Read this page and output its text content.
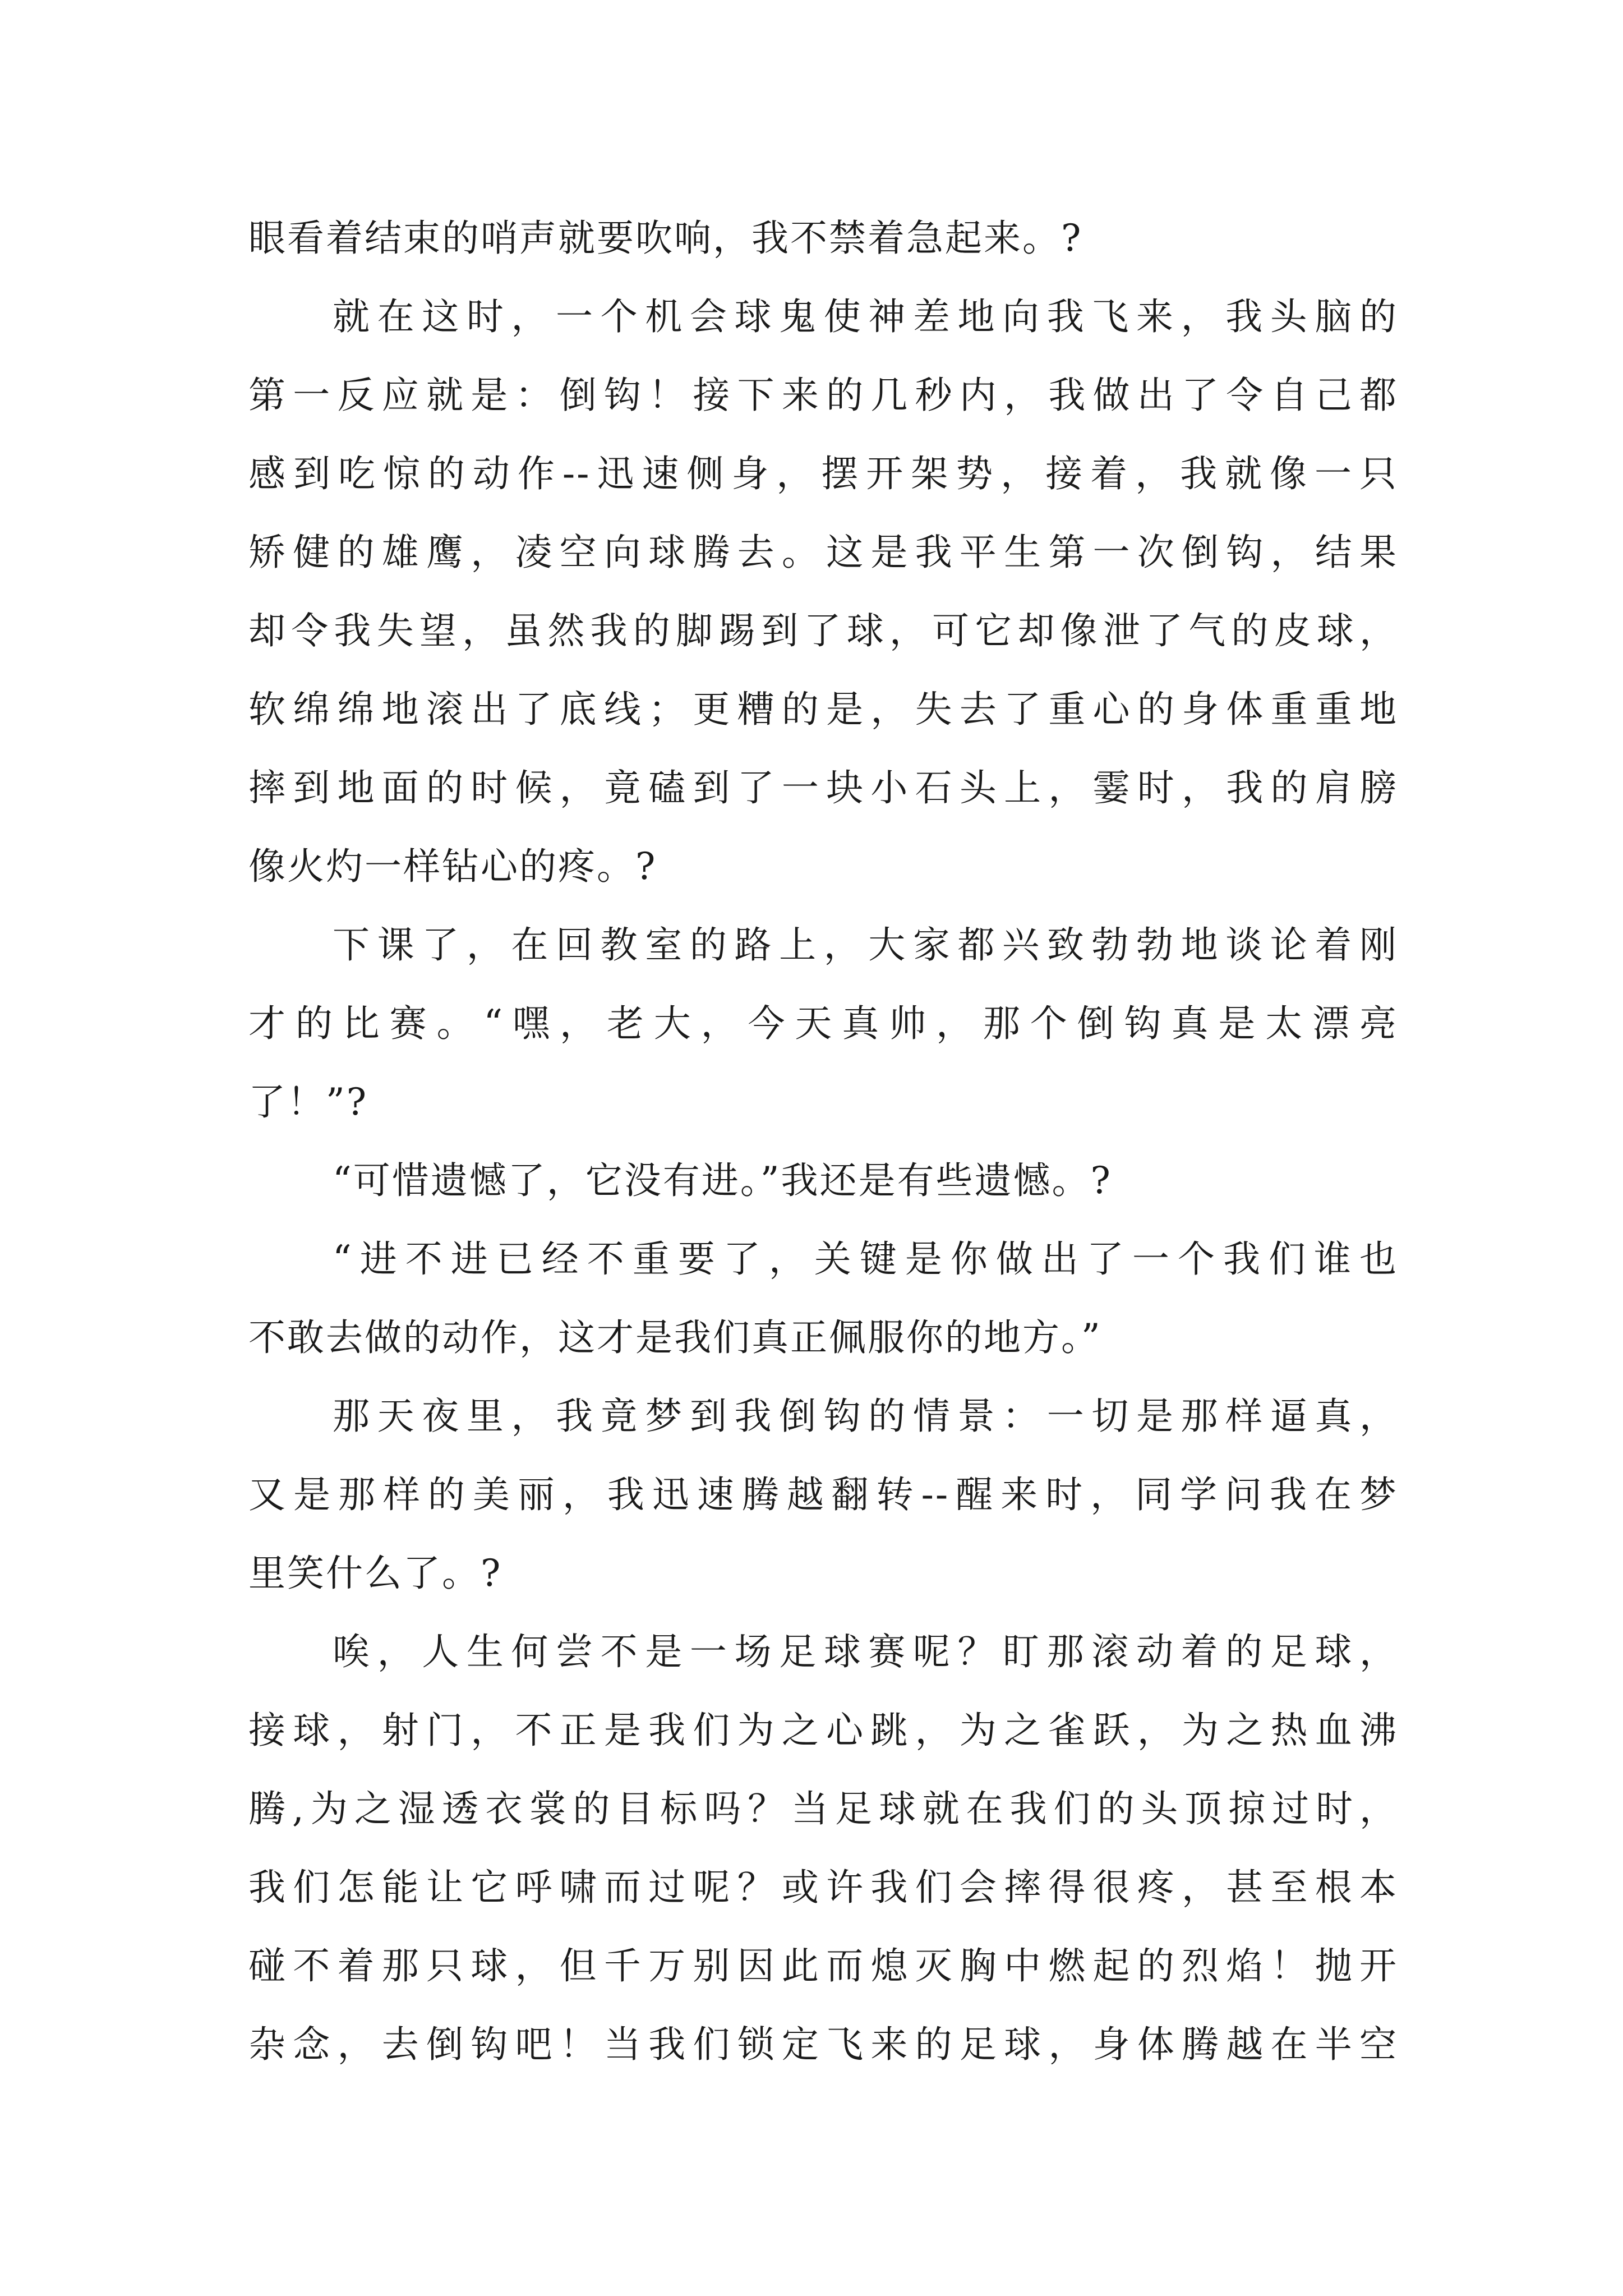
眼看着结束的哨声就要吹响，我不禁着急起来。?
就在这时，一个机会球鬼使神差地向我飞来，我头脑的
第一反应就是：倒钩！接下来的几秒内，我做出了令自己都
感到吃惊的动作--迅速侧身，摆开架势，接着，我就像一只
矫健的雄鹰，凌空向球腾去。这是我平生第一次倒钩，结果
却令我失望，虽然我的脚踢到了球，可它却像泄了气的皮球，
软绵绵地滚出了底线；更糟的是，失去了重心的身体重重地
摔到地面的时候，竟磕到了一块小石头上，霎时，我的肩膀
像火灼一样钻心的疼。?
下课了，在回教室的路上，大家都兴致勃勃地谈论着刚
才的比赛。“嘿，老大，今天真帅，那个倒钩真是太漂亮
了！”?
“可惜遗憾了，它没有进。”我还是有些遗憾。?
“进不进已经不重要了，关键是你做出了一个我们谁也
不敢去做的动作，这才是我们真正佩服你的地方。”
那天夜里，我竟梦到我倒钩的情景：一切是那样逼真，
又是那样的美丽，我迅速腾越翻转--醒来时，同学问我在梦
里笑什么了。?
唉，人生何尝不是一场足球赛呢？盯那滚动着的足球，
接球，射门，不正是我们为之心跳，为之雀跃，为之热血沸
腾,为之湿透衣裳的目标吗？当足球就在我们的头顶掠过时，
我们怎能让它呼啸而过呢？或许我们会摔得很疼，甚至根本
碰不着那只球，但千万别因此而熄灭胸中燃起的烈焰！抛开
杂念，去倒钩吧！当我们锁定飞来的足球，身体腾越在半空
